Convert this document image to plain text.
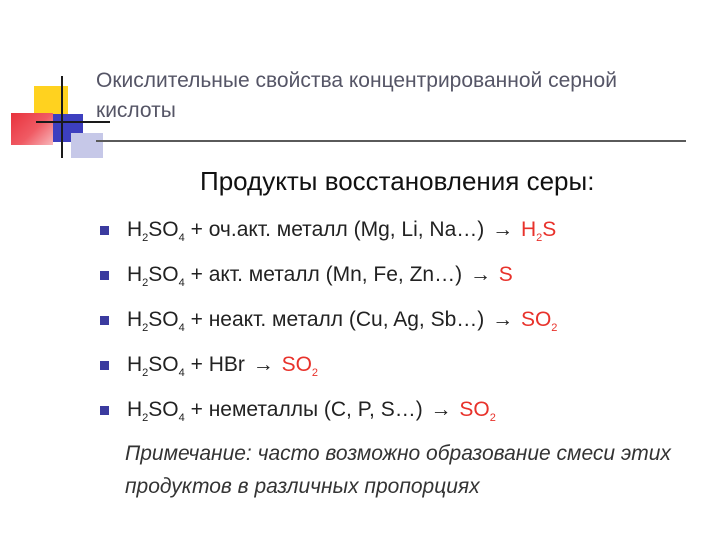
Окислительные свойства концентрированной серной кислоты
Продукты восстановления серы:
$H_2SO_4 + оч.акт$. металл (Mg, Li, Na…) → $H_2S$
$H_2SO_4$ + акт. металл (Mn, Fe, Zn…) → S
$H_2SO_4$ + неакт. металл (Cu, Ag, Sb…) → $SO_2$
$H_2SO_4$ + HBr → $SO_2$
$H_2SO_4$ + неметаллы (C, P, S…) → $SO_2$
Примечание: часто возможно образование смеси этих продуктов в различных пропорциях
